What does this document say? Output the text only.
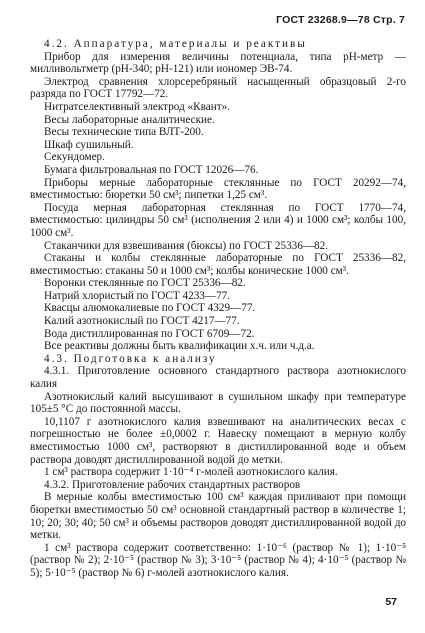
ГОСТ 23268.9—78 Стр. 7

4.2. Аппаратура, материалы и реактивы

Прибор для измерения величины потенциала, типа pH-метр — милливольтметр (pH-340; pH-121) или иономер ЭВ-74.

Электрод сравнения хлорсеребряный насыщенный образцовый 2-го разряда по ГОСТ 17792—72.

Нитратселективный электрод «Квант».

Весы лабораторные аналитические.

Весы технические типа ВЛТ-200.

Шкаф сушильный.

Секундомер.

Бумага фильтровальная по ГОСТ 12026—76.

Приборы мерные лабораторные стеклянные по ГОСТ 20292—74, вместимостью: бюретки 50 см³; пипетки 1,25 см³.

Посуда мерная лабораторная стеклянная по ГОСТ 1770—74, вместимостью: цилиндры 50 см³ (исполнения 2 или 4) и 1000 см³; колбы 100, 1000 см³.

Стаканчики для взвешивания (бюксы) по ГОСТ 25336—82.

Стаканы и колбы стеклянные лабораторные по ГОСТ 25336—82, вместимостью: стаканы 50 и 1000 см³; колбы конические 1000 см³.

Воронки стеклянные по ГОСТ 25336—82.

Натрий хлористый по ГОСТ 4233—77.

Квасцы алюмокалиевые по ГОСТ 4329—77.

Калий азотнокислый по ГОСТ 4217—77.

Вода дистиллированная по ГОСТ 6709—72.

Все реактивы должны быть квалификации х.ч. или ч.д.а.

4.3. Подготовка к анализу

4.3.1. Приготовление основного стандартного раствора азотнокислого калия

Азотнокислый калий высушивают в сушильном шкафу при температуре 105±5 °C до постоянной массы.

10,1107 г азотнокислого калия взвешивают на аналитических весах с погрешностью не более ±0,0002 г. Навеску помещают в мерную колбу вместимостью 1000 см³, растворяют в дистиллированной воде и объем раствора доводят дистиллированной водой до метки.

1 см³ раствора содержит 1·10⁻⁴ г-молей азотнокислого калия.

4.3.2. Приготовление рабочих стандартных растворов

В мерные колбы вместимостью 100 см³ каждая приливают при помощи бюретки вместимостью 50 см³ основной стандартный раствор в количестве 1; 10; 20; 30; 40; 50 см³ и объемы растворов доводят дистиллированной водой до метки.

1 см³ раствора содержит соответственно: 1·10⁻⁶ (раствор № 1); 1·10⁻⁵ (раствор № 2); 2·10⁻⁵ (раствор № 3); 3·10⁻⁵ (раствор № 4); 4·10⁻⁵ (раствор № 5); 5·10⁻⁵ (раствор № 6) г-молей азотнокислого калия.

57
